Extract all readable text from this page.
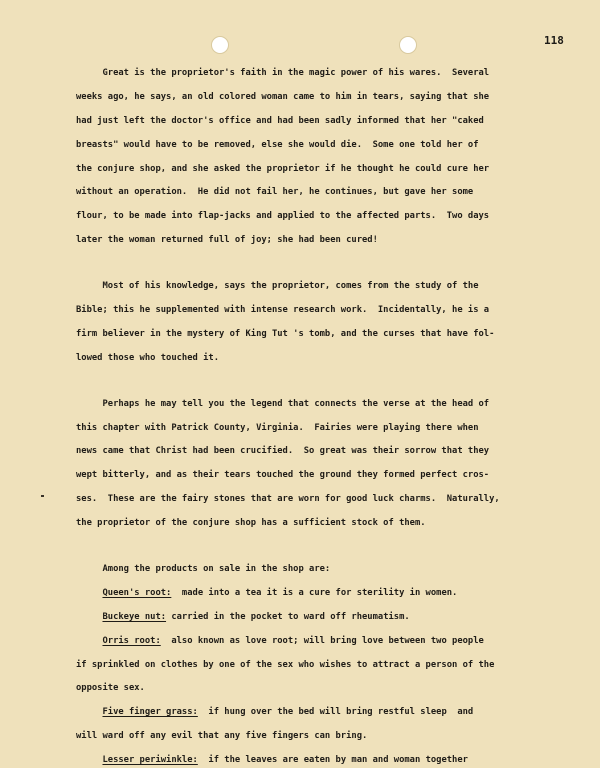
118
Great is the proprietor's faith in the magic power of his wares.  Several
weeks ago, he says, an old colored woman came to him in tears, saying that she
had just left the doctor's office and had been sadly informed that her "caked
breasts" would have to be removed, else she would die.  Some one told her of
the conjure shop, and she asked the proprietor if he thought he could cure her
without an operation.  He did not fail her, he continues, but gave her some
flour, to be made into flap-jacks and applied to the affected parts.  Two days
later the woman returned full of joy; she had been cured!
Most of his knowledge, says the proprietor, comes from the study of the
Bible; this he supplemented with intense research work.  Incidentally, he is a
firm believer in the mystery of King Tut 's tomb, and the curses that have fol-
lowed those who touched it.
Perhaps he may tell you the legend that connects the verse at the head of
this chapter with Patrick County, Virginia.  Fairies were playing there when
news came that Christ had been crucified.  So great was their sorrow that they
wept bitterly, and as their tears touched the ground they formed perfect cros-
ses.  These are the fairy stones that are worn for good luck charms.  Naturally,
the proprietor of the conjure shop has a sufficient stock of them.
Among the products on sale in the shop are:
Queen's root:  made into a tea it is a cure for sterility in women.
Buckeye nut: carried in the pocket to ward off rheumatism.
Orris root:  also known as love root; will bring love between two people
if sprinkled on clothes by one of the sex who wishes to attract a person of the
opposite sex.
Five finger grass:  if hung over the bed will bring restful sleep  and
will ward off any evil that any five fingers can bring.
Lesser periwinkle:  if the leaves are eaten by man and woman together
